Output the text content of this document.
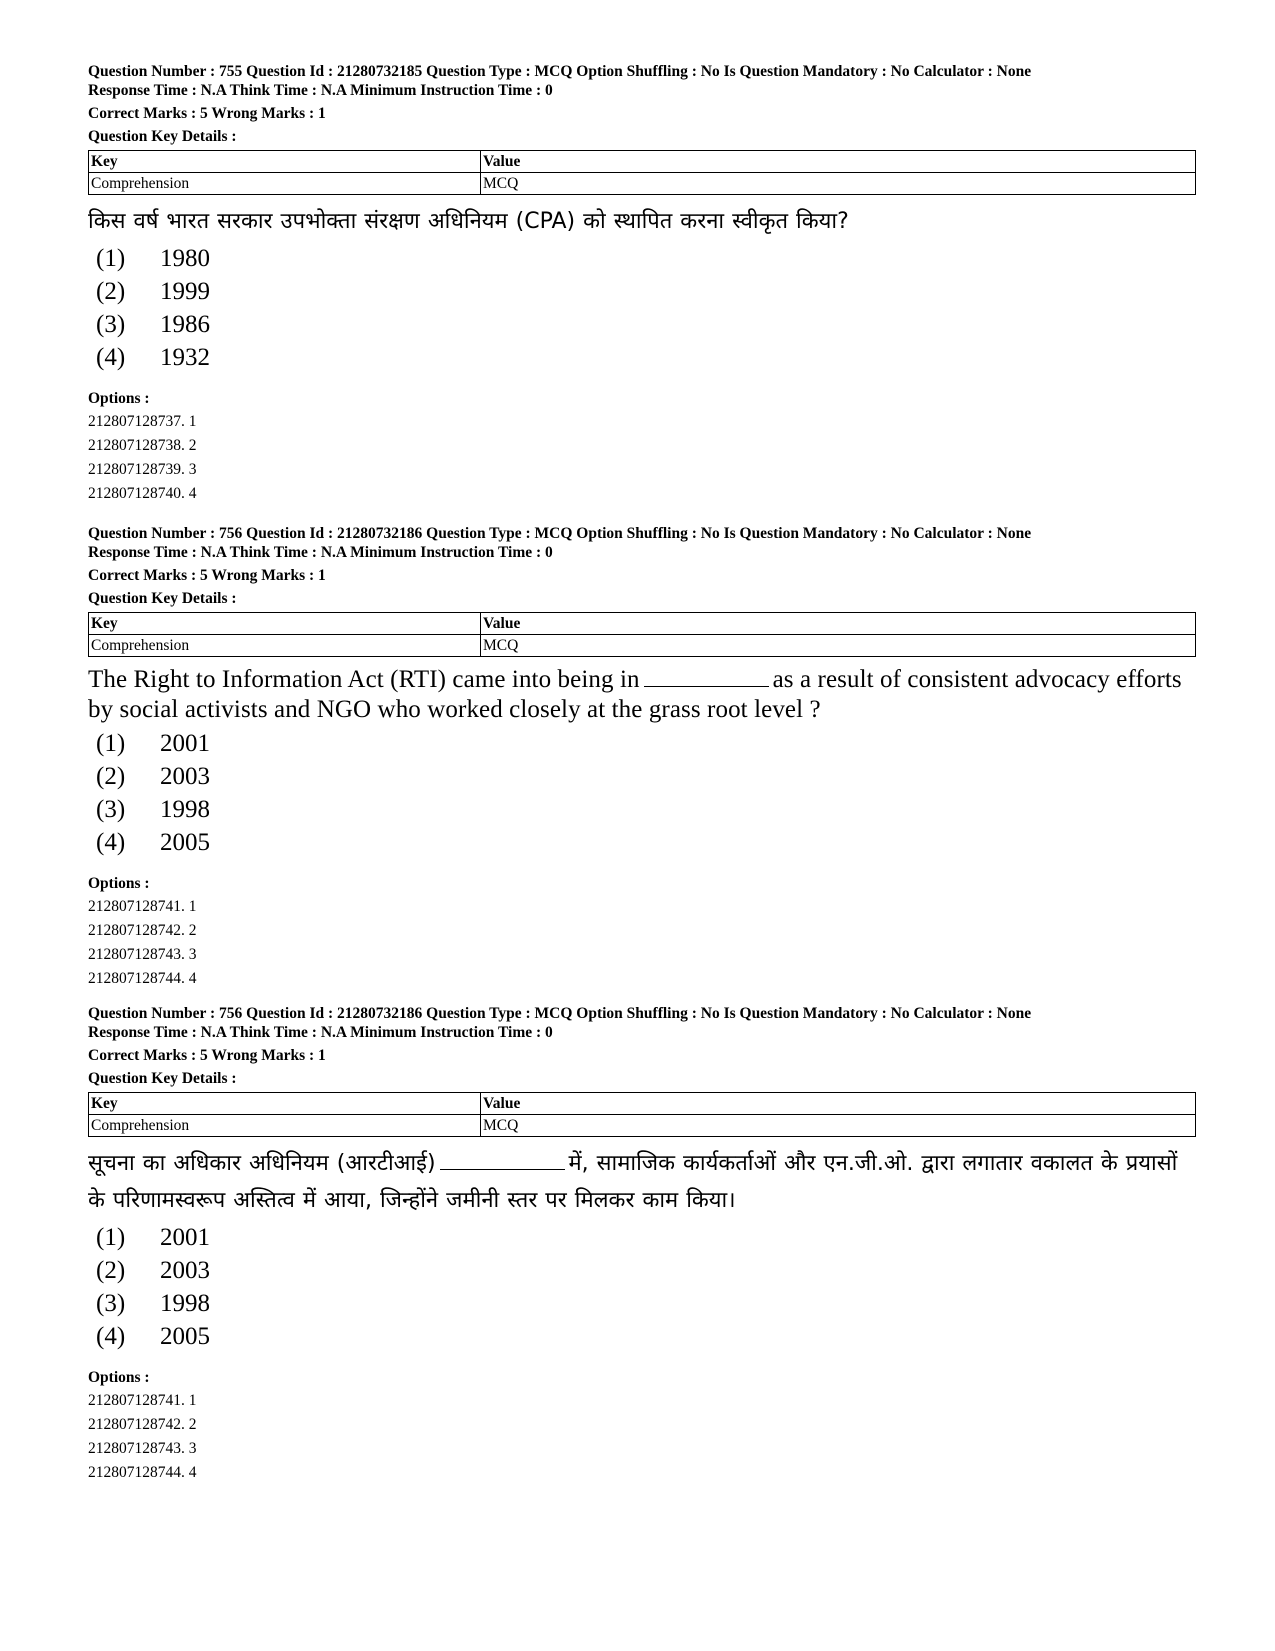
Question Number : 755 Question Id : 21280732185 Question Type : MCQ Option Shuffling : No Is Question Mandatory : No Calculator : None

Response Time : N.A Think Time : N.A Minimum Instruction Time : 0

Correct Marks : 5 Wrong Marks : 1

Question Key Details :

Key	Value
Comprehension	MCQ
किस वर्ष भारत सरकार उपभोक्ता संरक्षण अधिनियम (CPA) को स्थापित करना स्वीकृत किया?
(1)	1980
(2)	1999
(3)	1986
(4)	1932
Options :
212807128737. 1
212807128738. 2
212807128739. 3
212807128740. 4

Question Number : 756 Question Id : 21280732186 Question Type : MCQ Option Shuffling : No Is Question Mandatory : No Calculator : None

Response Time : N.A Think Time : N.A Minimum Instruction Time : 0

Correct Marks : 5 Wrong Marks : 1

Question Key Details :

Key	Value
Comprehension	MCQ
The Right to Information Act (RTI) came into being in	as a result of consistent advocacy efforts by social activists and NGO who worked closely at the grass root level ?
(1)	2001
(2)	2003
(3)	1998
(4)	2005
Options :
212807128741. 1
212807128742. 2
212807128743. 3
212807128744. 4

Question Number : 756 Question Id : 21280732186 Question Type : MCQ Option Shuffling : No Is Question Mandatory : No Calculator : None

Response Time : N.A Think Time : N.A Minimum Instruction Time : 0

Correct Marks : 5 Wrong Marks : 1

Question Key Details :

Key	Value
Comprehension	MCQ
सूचना का अधिकार अधिनियम (आरटीआई)	में, सामाजिक कार्यकर्ताओं और एन.जी.ओ. द्वारा लगातार वकालत के प्रयासों के परिणामस्वरूप अस्तित्व में आया, जिन्होंने जमीनी स्तर पर मिलकर काम किया।
(1)	2001
(2)	2003
(3)	1998
(4)	2005
Options :
212807128741. 1
212807128742. 2
212807128743. 3
212807128744. 4
